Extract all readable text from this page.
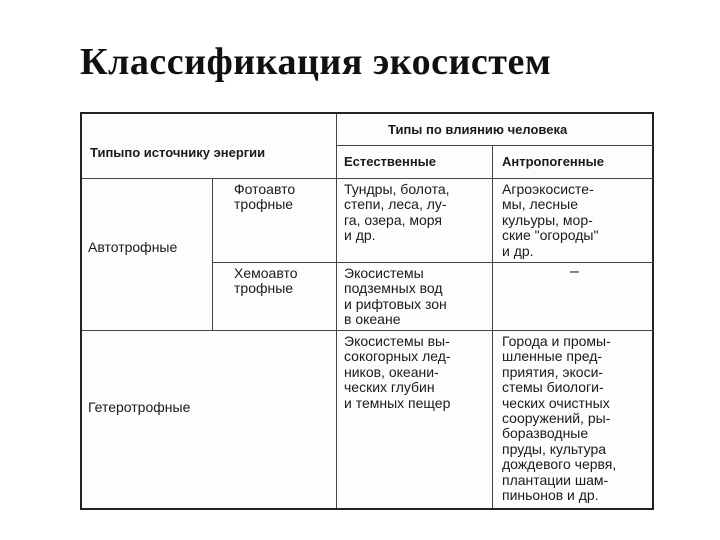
Классификация экосистем
Типыпо источнику энергии
Типы по влиянию человека
Естественные	Антропогенные
Автотрофные
Гетеротрофные
Фотоавто
трофные
Хемоавто
трофные
Тундры, болота,
степи, леса, лу-
га, озера, моря
и др.
Агроэкосисте-
мы, лесные
кульуры, мор-
ские "огороды"
и др.
Экосистемы
подземных вод
и рифтовых зон
в океане
–
Экосистемы вы-
сокогорных лед-
ников, океани-
ческих глубин
и темных пещер
Города и промы-
шленные пред-
приятия, экоси-
стемы биологи-
ческих очистных
сооружений, ры-
боразводные
пруды, культура
дождевого червя,
плантации шам-
пиньонов и др.
